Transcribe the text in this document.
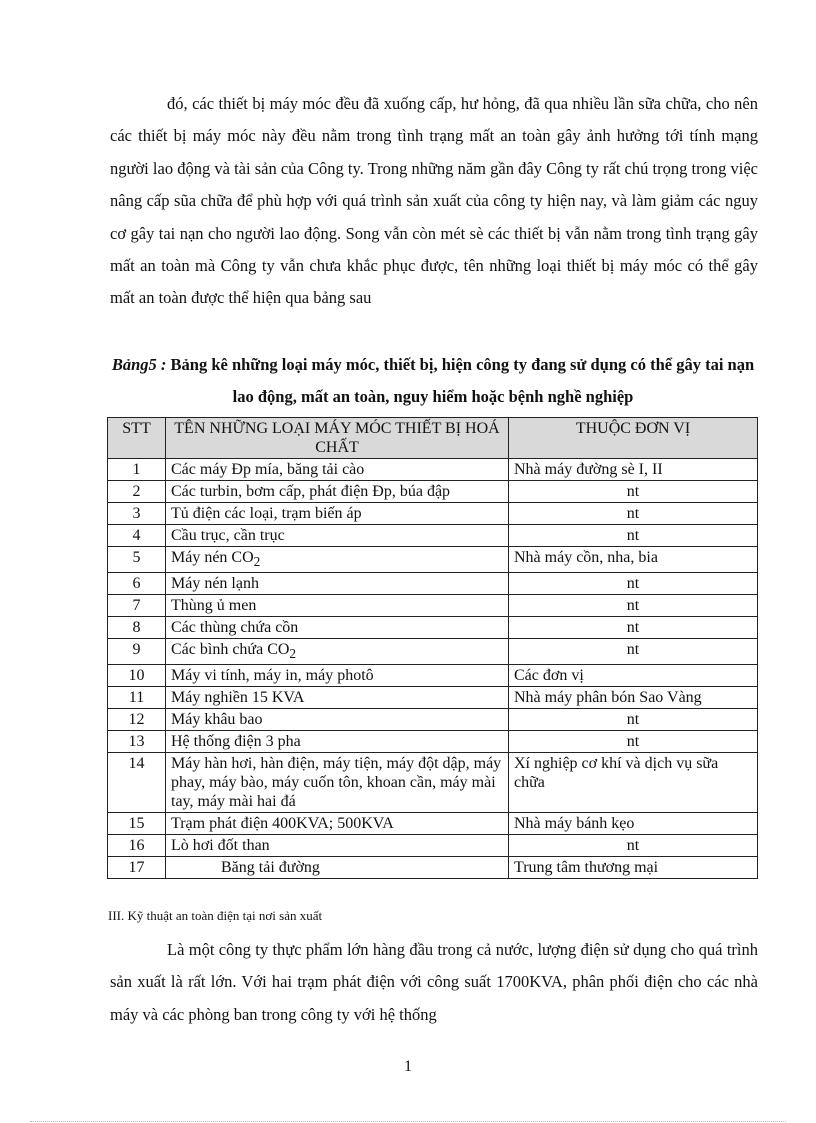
đó, các thiết bị máy móc đều đã xuống cấp, hư hỏng, đã qua nhiều lần sữa chữa, cho nên các thiết bị máy móc này đều nằm trong tình trạng mất an toàn gây ảnh hưởng tới tính mạng người lao động và tài sản của Công ty. Trong những năm gần đây Công ty rất chú trọng trong việc nâng cấp sũa chữa để phù hợp với quá trình sản xuất của công ty hiện nay, và làm giảm các nguy cơ gây tai nạn cho người lao động. Song vẫn còn mét sè các thiết bị vẫn nằm trong tình trạng gây mất an toàn mà Công ty vẫn chưa khắc phục được, tên những loại thiết bị máy móc có thể gây mất an toàn được thể hiện qua bảng sau

Bảng5 : Bảng kê những loại máy móc, thiết bị, hiện công ty đang sử dụng có thể gây tai nạn lao động, mất an toàn, nguy hiểm hoặc bệnh nghề nghiệp

STT	TÊN NHỮNG LOẠI MÁY MÓC THIẾT BỊ HOÁ CHẤT	THUỘC ĐƠN VỊ
1	Các máy Đp mía, băng tải cào	Nhà máy đường sè I, II
2	Các turbin, bơm cấp, phát điện Đp, búa đập	nt
3	Tủ điện các loại, trạm biến áp	nt
4	Cầu trục, cần trục	nt
5	Máy nén $CO_2$	Nhà máy cồn, nha, bia
6	Máy nén lạnh	nt
7	Thùng ủ men	nt
8	Các thùng chứa cồn	nt
9	Các bình chứa $CO_2$	nt
10	Máy vi tính, máy in, máy photô	Các đơn vị
11	Máy nghiền 15 KVA	Nhà máy phân bón Sao Vàng
12	Máy khâu bao	nt
13	Hệ thống điện 3 pha	nt
14	Máy hàn hơi, hàn điện, máy tiện, máy đột dập, máy phay, máy bào, máy cuốn tôn, khoan cần, máy mài tay, máy mài hai đá	Xí nghiệp cơ khí và dịch vụ sữa chữa
15	Trạm phát điện 400KVA; 500KVA	Nhà máy bánh kẹo
16	Lò hơi đốt than	nt
17	Băng tải đường	Trung tâm thương mại

III. Kỹ thuật an toàn điện tại nơi sản xuất

Là một công ty thực phẩm lớn hàng đầu trong cả nước, lượng điện sử dụng cho quá trình sản xuất là rất lớn. Với hai trạm phát điện với công suất 1700KVA, phân phối điện cho các nhà máy và các phòng ban trong công ty với hệ thống

1
